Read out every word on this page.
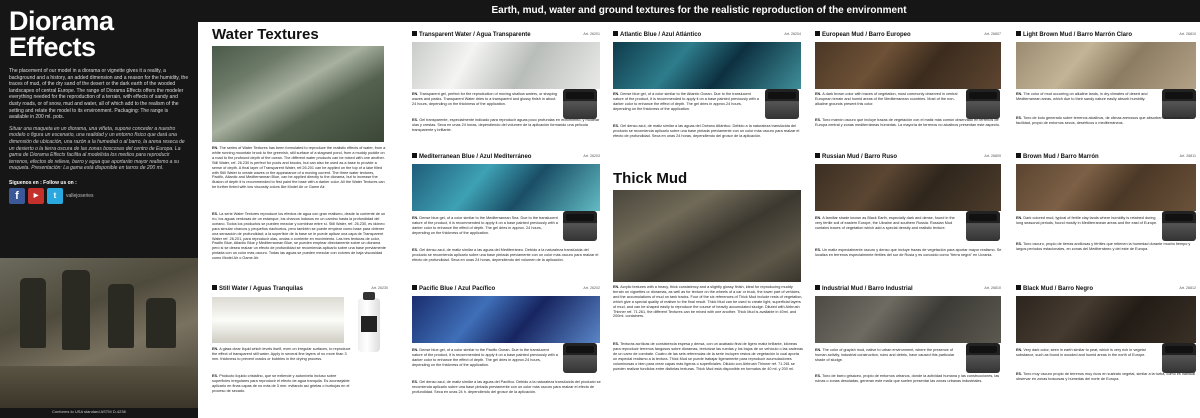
Diorama
Effects

The placement of our model in a diorama or vignette gives it a reality, a background and a history, an added dimension and a reason for the humidity, the traces of mud, of the dry sand of the desert or the dark earth of the wooded landscapes of central Europe. The range of Diorama Effects offers the modeler everything needed for the reproduction of a terrain, with effects of sandy and dusty roads, or of snow, mud and water, all of which add to the realism of the setting and relate the model to its environment. Packaging: The range is available in 200 ml. pots.

Situar una maqueta en un diorama, una viñeta, supone conceder a nuestro modelo o figura un escenario, una realidad y un entorno físico que dará una dimensión de ubicación, una razón a la humedad o al barro, la arena reseca de un desierto o la tierra oscura de las zonas boscosas del centro de Europa. La gama de Diorama Effects facilita al modelista los medios para reproducir terrenos, efectos de relieve, barro y agua que aportarán mayor realismo a su maqueta. Presentación: La gama está disponible en tarros de 200 ml.

Siguenos en : Follow us on :
f	▶	t	vallejoseries
Conforms to USA standard ASTM D-4236
Earth, mud, water and ground textures for the realistic reproduction of the environment
Water Textures
EN. The series of Water Textures has been formulated to reproduce the realistic effects of water, from a white running mountain brook to the greenish, still surface of a stagnant pond, from a muddy puddle on a road to the profound depth of the ocean. The different water products can be mixed with one another. Still Water, ref. 26.230 is perfect for pools and brooks, but can also be used as a base to provide a sense of depth. A final layer of Transparent Water, ref.26.201 can be applied on the top of a lake filled with Still Water to create waves or the appearance of a moving current. The three water textures, Pacific, Atlantic and Mediterranean Blue, can be applied directly to the diorama, but to increase the illusion of depth it is recommended to first paint the base with a darker color. All the Water Textures can be further tinted with low viscosity colors like Model Air or Game Air.
ES. La serie Water Textures reproduce los efectos de agua con gran realismo, desde la corriente de un río, los aguas verdosas de un estanque, los charcos lodosos en un camino hasta la profundidad del océano. Todos los productos se pueden mezclar y combinar entre sí. Still Water, ref. 26.230, es idóneo para simular charcos y pequeños riachuelos, pero también se puede emplear como base para obtener una sensación de profundidad; a la superficie de la base se le puede aplicar una capa de Transparent Water ref. 26.201, para reproducir olas, ondas o corriente en movimiento. Las tres texturas de color, Pacific Blue, Atlantic Blue y Mediterranean Blue, se pueden emplear directamente sobre un diorama pero si se desea realzar un efecto de profundidad se recomienda aplicarlo sobre una base previamente pintada con un color más oscuro. Todas las aguas se pueden mezclar con colores de baja viscosidad como Model Air o Game Air.
Still Water / Aguas Tranquilas	Art. 26230
EN. A glass clear liquid which levels itself, even on irregular surfaces, to reproduce the effect of transparent still water. Apply in several fine layers of no more than 3 mm. thickness to prevent cracks or bubbles in the drying process.
ES. Producto líquido cristalino, que se extiende y autonivela incluso sobre superficies irregulares para reproducir el efecto de agua tranquila. Es aconsejable aplicarlo en finas capas de no más de 3 mm. evitando así grietas o burbujas en el proceso de secado.
Transparent Water / Agua Transparente	Art. 26201
EN. Transparent gel, perfect for the reproduction of moving shallow waters, or shaping waves and peaks. Transparent Water dries to a transparent and glossy finish in about 24 hours, depending on the thickness of the application.
ES. Gel transparente, especialmente indicado para reproducir aguas poco profundas en movimiento, y modelar olas y crestas. Seca en unas 24 horas, dependiendo del volumen de la aplicación formando una película transparente y brillante.
Mediterranean Blue / Azul Mediterráneo	Art. 26203
EN. Dense blue gel, of a color similar to the Mediterranean Sea. Due to the translucent nature of the product, it is recommended to apply it on a base painted previously with a darker color to enhance the effect of depth. The gel dries in approx. 24 hours, depending on the thickness of the application.
ES. Gel denso azul, de matiz similar a las aguas del Mediterráneo. Debido a la naturaleza translúcida del producto se recomienda aplicarlo sobre una base pintada previamente con un color más oscuro para realzar el efecto de profundidad. Seca en unas 24 horas, dependiendo del volumen de la aplicación.
Pacific Blue / Azul Pacífico	Art. 26202
EN. Dense blue gel, of a color similar to the Pacific Ocean. Due to the translucent nature of the product, it is recommended to apply it on a base painted previously with a darker color to enhance the effect of depth. The gel dries in approx.24 hours, depending on the thickness of the application.
ES. Gel denso azul, de matiz similar a las aguas del Pacífico. Debido a la naturaleza translúcida del producto se recomienda aplicarlo sobre una base pintada previamente con un color más oscuro para realzar el efecto de profundidad. Seca en unas 24 h. dependiendo del grosor de la aplicación.
Atlantic Blue / Azul Atlántico	Art. 26204
EN. Dense blue gel, of a color similar to the Atlantic Ocean. Due to the translucent nature of the product, it is recommended to apply it on a base painted previously with a darker color to enhance the effect of depth. The gel dries in approx.24 hours, depending on the thickness of the application.
ES. Gel denso azul, de matiz similar a las aguas del Océano Atlántico. Debido a la naturaleza translúcida del producto se recomienda aplicarlo sobre una base pintada previamente con un color más oscuro para realzar el efecto de profundidad. Seca en unas 24 horas, dependiendo del grosor de la aplicación.
Thick Mud
EN. Acrylic textures with a heavy, thick consistency and a slightly glossy finish, ideal for reproducing muddy terrain on vignettes or dioramas, as well as for texture on the wheels of a car or truck, the lower part of vehicles, and the accumulations of mud on tank tracks. Four of the six references of Thick Mud include rests of vegetation, which give a special quality of realism to the final result. Thick Mud can be used to create light, superficial layers of mud, and can be shaped easily to reproduce the course of heavily accumulated sludge. Diluted with Airbrush Thinner ref. 71.261, the different Textures can be mixed with one another. Thick Mud is available in 40ml. and 200ml. containers.
ES. Texturas acrílicas de consistencia espesa y densa, con un acabado final de ligero matiz brillante, idóneas para reproducir terrenos fangosos sobre dioramas, texturizar las ruedas y los bajos de un vehículo o las cadenas de un carro de combate. Cuatro de las seis referencias de la serie incluyen restos de vegetación lo cual aporta un especial realismo a la textura. Thick Mud se puede trabajar ligeramente para reproducir acumulaciones voluminosas o bien para crear capas más ligeras o superficiales. Diluido con Airbrush Thinner ref. 71.261 se pueden realizar fundidos entre distintas texturas. Thick Mud está disponible en formatos de 40 ml. y 200 ml.
European Mud / Barro Europeo	Art. 26807
EN. A dark brown color with traces of vegetation, most commonly observed in central European terrain and humid areas of the Mediterranean countries. Most of the non-alkaline grounds present this color.
ES. Tono marrón oscuro que incluye trazas de vegetación con el matiz más común observado en terrenos de Europa central y zonas mediterráneas húmedas. La mayoría de terrenos no alcalinos presentan este aspecto.
Russian Mud / Barro Ruso	Art. 26809
EN. A familiar shade known as Black Earth, especially dark and dense, found in the very fertile soil of eastern Europe, the Ukraine and southern Russia. Russian Mud contains traces of vegetation which add a special density and realistic texture.
ES. Un matiz especialmente oscuro y denso que incluye trazas de vegetación para aportar mayor realismo. Se localiza en terrenos especialmente fértiles del sur de Rusia y es conocido como "tierra negra" en Ucrania.
Industrial Mud / Barro Industrial	Art. 26810
EN. The color of grayish mud, native to urban environment, where the presence of human activity, industrial construction, ruins and debris, have caused this particular shade of sludge.
ES. Tono de barro grisáceo, propio de entornos urbanos, donde la actividad humana y las construcciones, las ruinas o zonas desoladas, generan este matiz que suelen presentar las zonas urbanas industriales.
Light Brown Mud / Barro Marrón Claro	Art. 26810
EN. The color of mud occurring on alkaline lands, in dry climates of desert and Mediterranean areas, which due to their sandy nature easily absorb humidity.
ES. Tono de lodo generado sobre terrenos alcalinos, de climas arenosos que absorben la humedad con facilidad, propio de entornos secos, desérticos o mediterráneos.
Brown Mud / Barro Marrón	Art. 26811
EN. Dark colored mud, typical of fertile clay lands where humidity is retained during long seasonal periods, found mostly in Mediterranean areas and the east of Europe.
ES. Tono oscuro, propio de tierras arcillosas y fértiles que retienen la humedad durante mucho tiempo y largos períodos estacionales, en zonas del Mediterráneo y del este de Europa.
Black Mud / Barro Negro	Art. 26812
EN. Very dark color, seen in earth similar to peat, which is very rich in vegetal substance, such as found in wooded and humid areas in the north of Europe.
ES. Tono muy oscuro propio de terrenos muy ricos en sustrato vegetal, similar a la turba, como es habitual observar en zonas boscosas y húmedas del norte de Europa.
